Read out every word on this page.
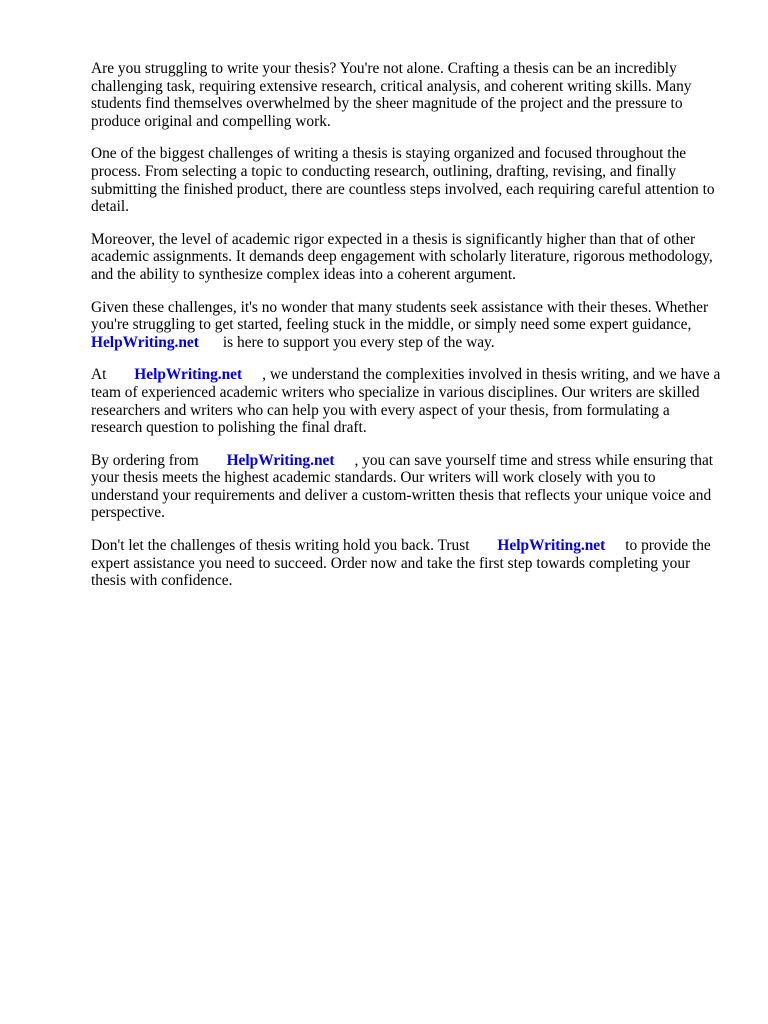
Are you struggling to write your thesis? You're not alone. Crafting a thesis can be an incredibly challenging task, requiring extensive research, critical analysis, and coherent writing skills. Many students find themselves overwhelmed by the sheer magnitude of the project and the pressure to produce original and compelling work.

One of the biggest challenges of writing a thesis is staying organized and focused throughout the process. From selecting a topic to conducting research, outlining, drafting, revising, and finally submitting the finished product, there are countless steps involved, each requiring careful attention to detail.

Moreover, the level of academic rigor expected in a thesis is significantly higher than that of other academic assignments. It demands deep engagement with scholarly literature, rigorous methodology, and the ability to synthesize complex ideas into a coherent argument.

Given these challenges, it's no wonder that many students seek assistance with their theses. Whether you're struggling to get started, feeling stuck in the middle, or simply need some expert guidance, HelpWriting.net is here to support you every step of the way.

At HelpWriting.net , we understand the complexities involved in thesis writing, and we have a team of experienced academic writers who specialize in various disciplines. Our writers are skilled researchers and writers who can help you with every aspect of your thesis, from formulating a research question to polishing the final draft.

By ordering from HelpWriting.net , you can save yourself time and stress while ensuring that your thesis meets the highest academic standards. Our writers will work closely with you to understand your requirements and deliver a custom-written thesis that reflects your unique voice and perspective.

Don't let the challenges of thesis writing hold you back. Trust HelpWriting.net to provide the expert assistance you need to succeed. Order now and take the first step towards completing your thesis with confidence.
